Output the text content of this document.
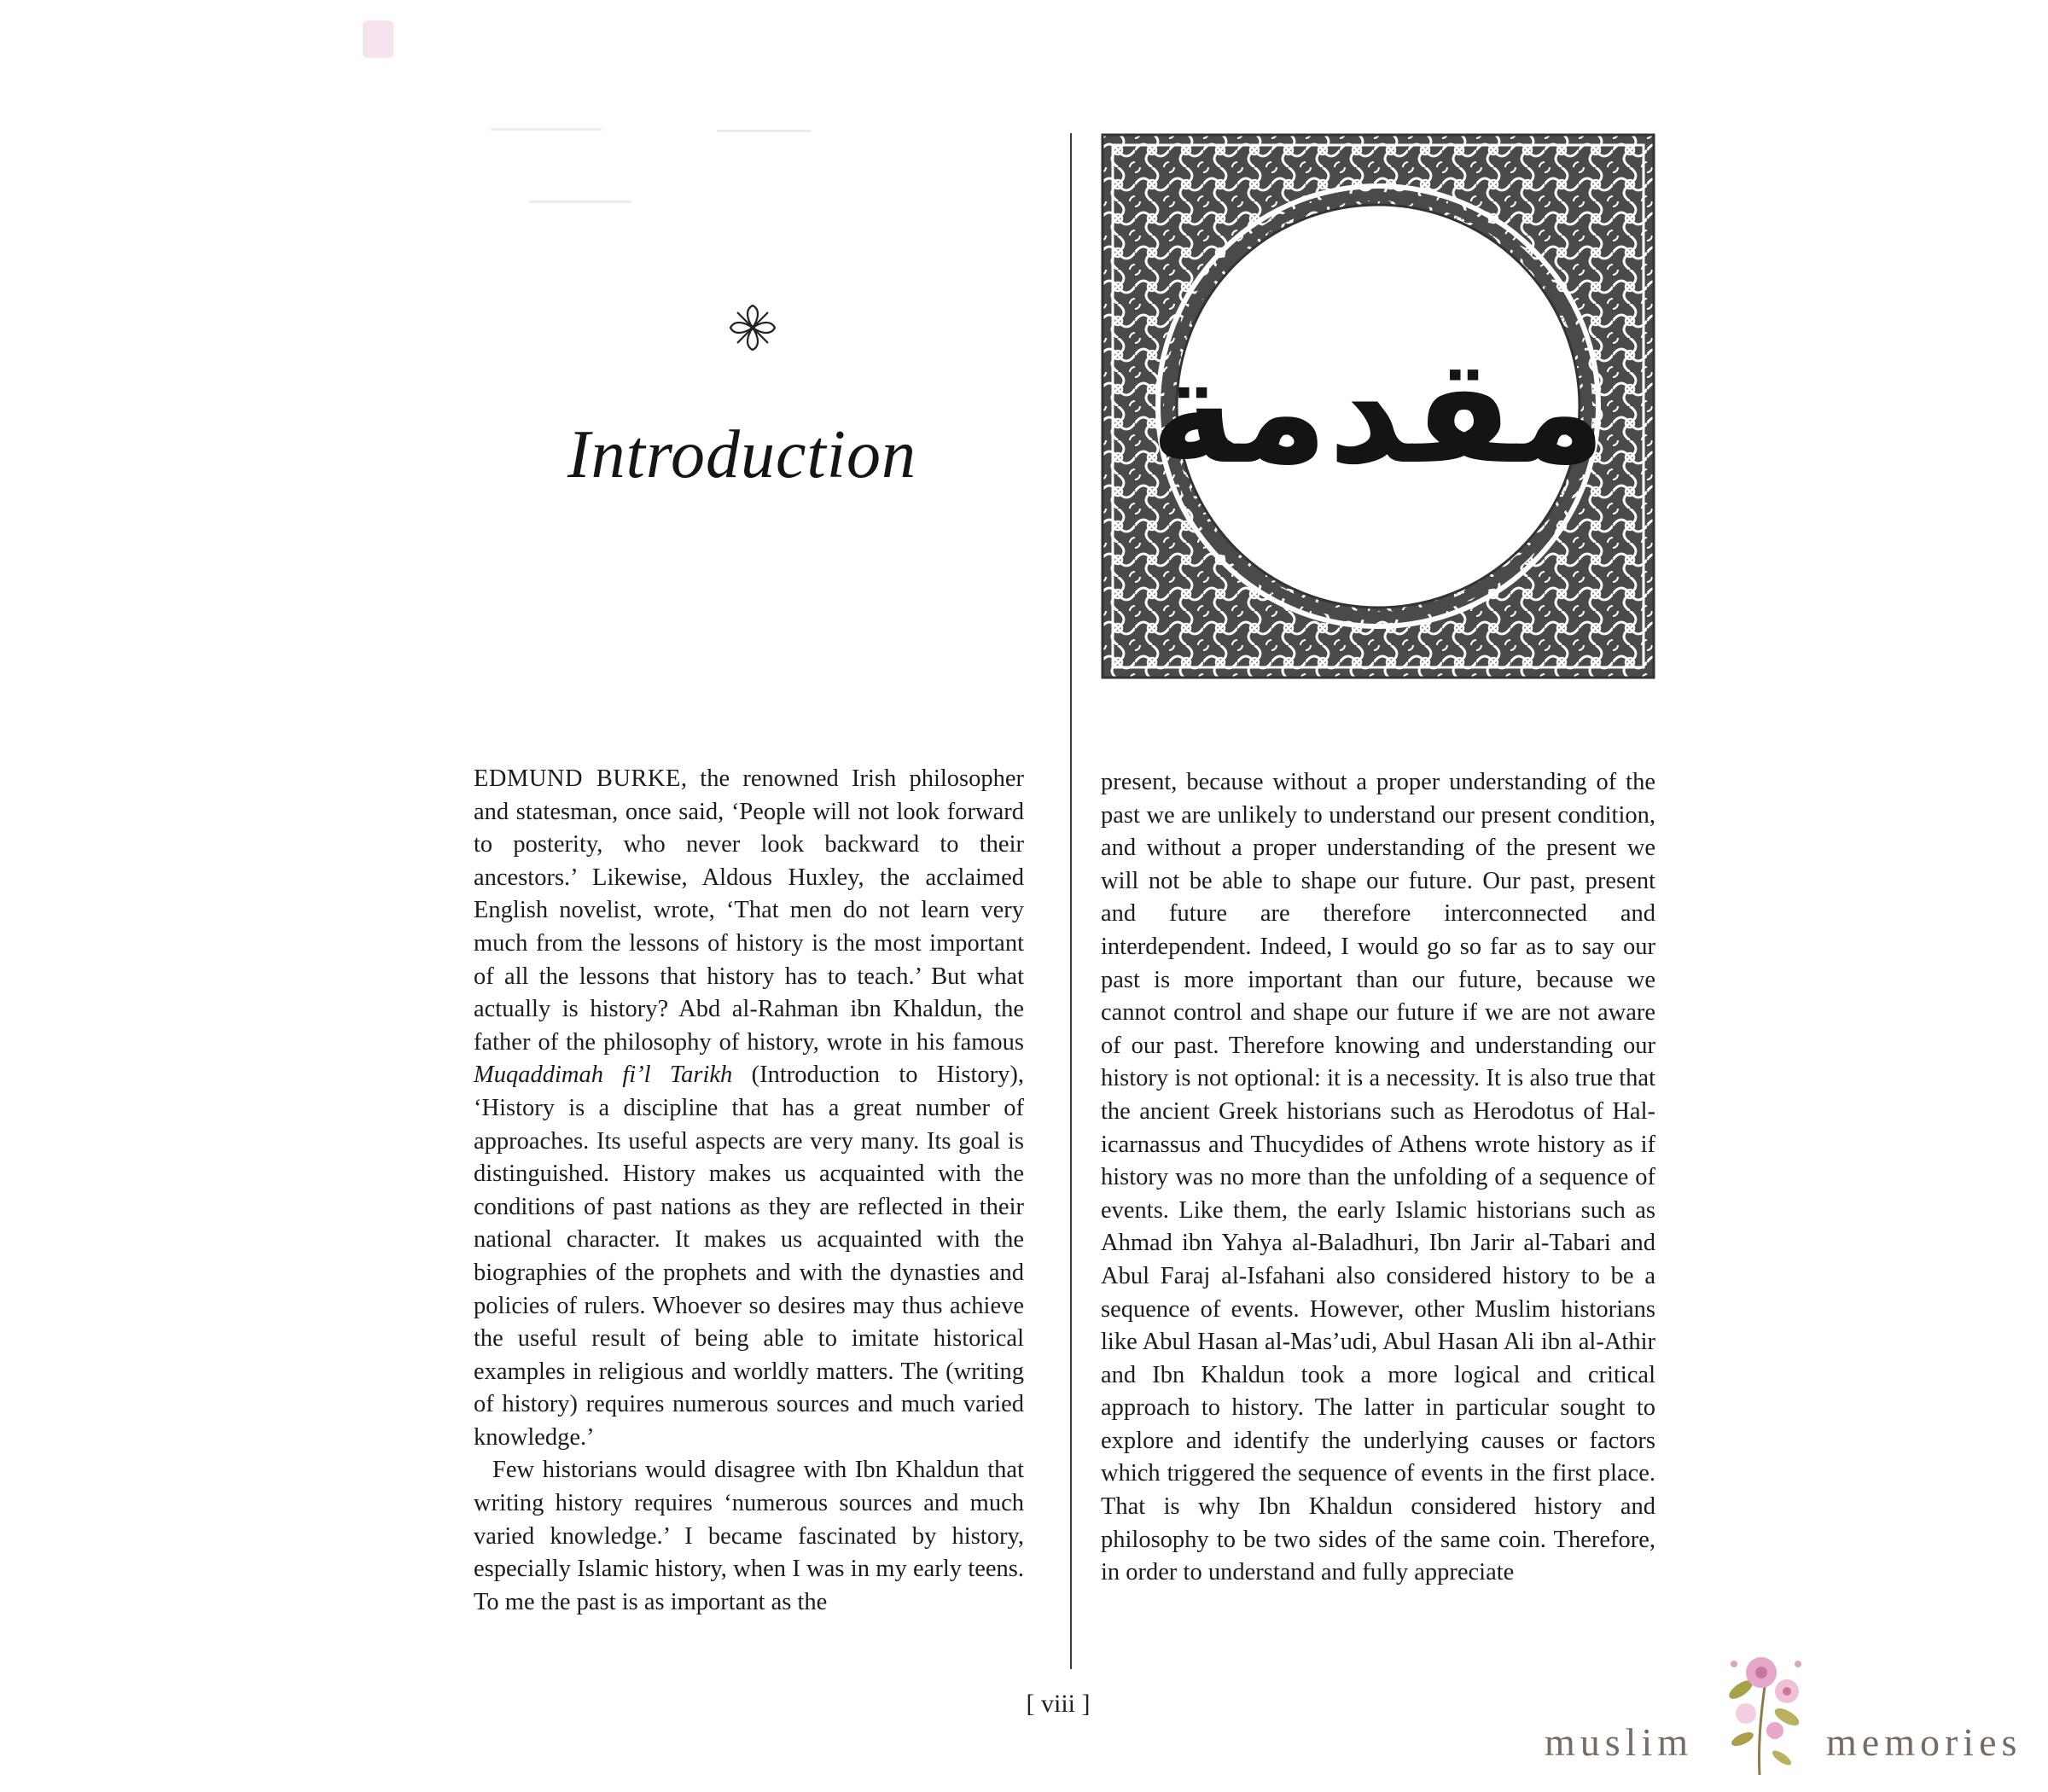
Introduction	مقدمة

EDMUND BURKE, the renowned Irish philosopher and statesman, once said, ‘People will not look forward to posterity, who never look backward to their ancestors.’ Likewise, Aldous Huxley, the acclaimed English novelist, wrote, ‘That men do not learn very much from the lessons of history is the most important of all the lessons that history has to teach.’ But what actually is history? Abd al-Rahman ibn Khaldun, the father of the philosophy of history, wrote in his famous Muqaddimah fi’l Tarikh (Introduction to History), ‘History is a discipline that has a great number of approaches. Its useful aspects are very many. Its goal is distinguished. History makes us acquainted with the conditions of past nations as they are reflected in their national character. It makes us acquainted with the biographies of the prophets and with the dynasties and policies of rulers. Whoever so desires may thus achieve the useful result of being able to imitate historical examples in religious and worldly matters. The (writing of history) requires numerous sources and much varied knowledge.’

Few historians would disagree with Ibn Khaldun that writing history requires ‘numerous sources and much varied knowledge.’ I became fascinated by history, especially Islamic history, when I was in my early teens. To me the past is as important as the

present, because without a proper understanding of the past we are unlikely to understand our present condition, and without a proper understanding of the present we will not be able to shape our future. Our past, present and future are therefore interconnected and interdependent. Indeed, I would go so far as to say our past is more important than our future, because we cannot control and shape our future if we are not aware of our past. Therefore knowing and understanding our history is not optional: it is a necessity. It is also true that the ancient Greek historians such as Herodotus of Halicarnassus and Thucydides of Athens wrote history as if history was no more than the unfolding of a sequence of events. Like them, the early Islamic historians such as Ahmad ibn Yahya al-Baladhuri, Ibn Jarir al-Tabari and Abul Faraj al-Isfahani also considered history to be a sequence of events. However, other Muslim historians like Abul Hasan al-Mas’udi, Abul Hasan Ali ibn al-Athir and Ibn Khaldun took a more logical and critical approach to history. The latter in particular sought to explore and identify the underlying causes or factors which triggered the sequence of events in the first place. That is why Ibn Khaldun considered history and philosophy to be two sides of the same coin. Therefore, in order to understand and fully appreciate

[ viii ]
muslim	memories
